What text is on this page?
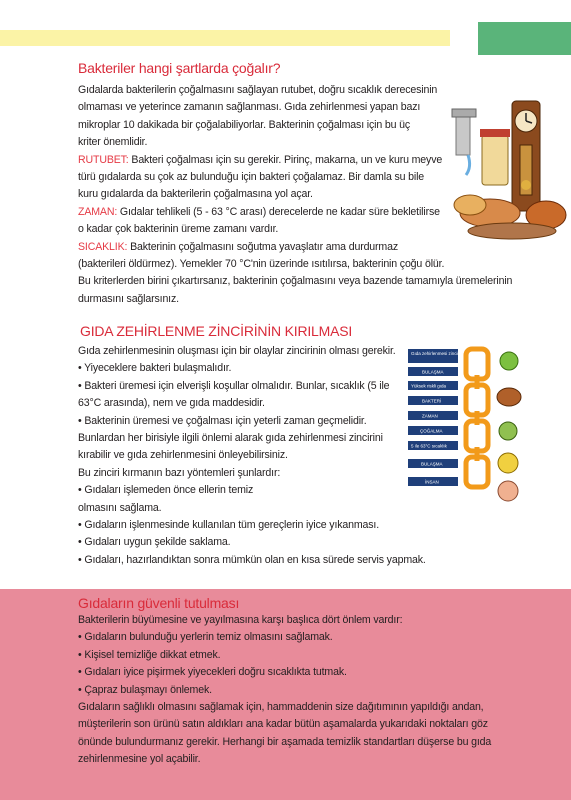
Bakteriler hangi şartlarda çoğalır?
Gıdalarda bakterilerin çoğalmasını sağlayan rutubet, doğru sıcaklık derecesinin
olmaması ve yeterince zamanın sağlanması. Gıda zehirlenmesi yapan bazı
mikroplar 10 dakikada bir çoğalabiliyorlar. Bakterinin çoğalması için bu üç
kriter önemlidir.
RUTUBET: Bakteri çoğalması için su gerekir. Pirinç, makarna, un ve kuru meyve
türü gıdalarda su çok az bulunduğu için bakteri çoğalamaz. Bir damla su bile
kuru gıdalarda da bakterilerin çoğalmasına yol açar.
ZAMAN: Gıdalar tehlikeli (5 - 63 °C arası) derecelerde ne kadar süre bekletilirse
o kadar çok bakterinin üreme zamanı vardır.
SICAKLIK: Bakterinin çoğalmasını soğutma yavaşlatır ama durdurmaz
(bakterileri öldürmez). Yemekler 70 °C'nin üzerinde ısıtılırsa, bakterinin çoğu ölür.
Bu kriterlerden birini çıkartırsanız, bakterinin çoğalmasını veya bazende tamamıyla üremelerinin
durmasını sağlarsınız.
GIDA ZEHİRLENME ZİNCİRİNİN KIRILMASI
Gıda zehirlenmesinin oluşması için bir olaylar zincirinin olması gerekir.
• Yiyeceklere bakteri bulaşmalıdır.
• Bakteri üremesi için elverişli koşullar olmalıdır. Bunlar, sıcaklık (5 ile
63°C arasında), nem ve gıda maddesidir.
• Bakterinin üremesi ve çoğalması için yeterli zaman geçmelidir.
Bunlardan her birisiyle ilgili önlemi alarak gıda zehirlenmesi zincirini
kırabilir ve gıda zehirlenmesini önleyebilirsiniz.
Bu zinciri kırmanın bazı yöntemleri şunlardır:
• Gıdaları işlemeden önce ellerin temiz
olmasını sağlama.
• Gıdaların işlenmesinde kullanılan tüm gereçlerin iyice yıkanması.
• Gıdaları uygun şekilde saklama.
• Gıdaları, hazırlandıktan sonra mümkün olan en kısa sürede servis yapmak.
Gıda zehirlenmesi zinciri
BULAŞMA
Yüksek riskli gıda
BAKTERİ
ZAMAN
ÇOĞALMA
5 ile 63°C sıcaklık
BULAŞMA
İNSAN
Gıdaların güvenli tutulması
Bakterilerin büyümesine ve yayılmasına karşı başlıca dört önlem vardır:
• Gıdaların bulunduğu yerlerin temiz olmasını sağlamak.
• Kişisel temizliğe dikkat etmek.
• Gıdaları iyice pişirmek yiyecekleri doğru sıcaklıkta tutmak.
• Çapraz bulaşmayı önlemek.
Gıdaların sağlıklı olmasını sağlamak için, hammaddenin size dağıtımının yapıldığı andan,
müşterilerin son ürünü satın aldıkları ana kadar bütün aşamalarda yukarıdaki noktaları göz
önünde bulundurmanız gerekir. Herhangi bir aşamada temizlik standartları düşerse bu gıda
zehirlenmesine yol açabilir.
